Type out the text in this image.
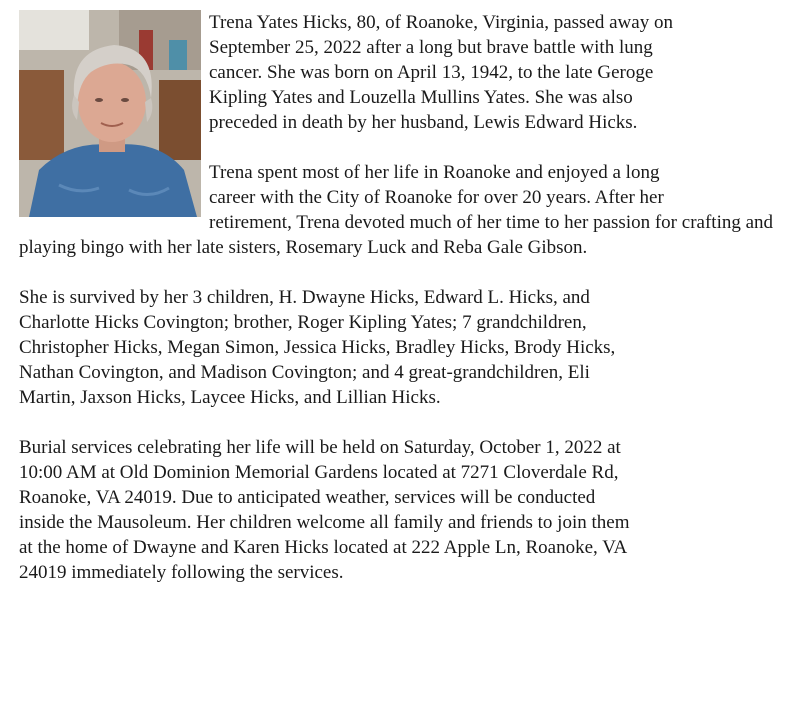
Trena Yates Hicks, 80, of Roanoke, Virginia, passed away on
September 25, 2022 after a long but brave battle with lung
cancer. She was born on April 13, 1942, to the late Geroge
Kipling Yates and Louzella Mullins Yates. She was also
preceded in death by her husband, Lewis Edward Hicks.

Trena spent most of her life in Roanoke and enjoyed a long
career with the City of Roanoke for over 20 years. After her
retirement, Trena devoted much of her time to her passion for crafting and
playing bingo with her late sisters, Rosemary Luck and Reba Gale Gibson.

She is survived by her 3 children, H. Dwayne Hicks, Edward L. Hicks, and
Charlotte Hicks Covington; brother, Roger Kipling Yates; 7 grandchildren,
Christopher Hicks, Megan Simon, Jessica Hicks, Bradley Hicks, Brody Hicks,
Nathan Covington, and Madison Covington; and 4 great-grandchildren, Eli
Martin, Jaxson Hicks, Laycee Hicks, and Lillian Hicks.

Burial services celebrating her life will be held on Saturday, October 1, 2022 at
10:00 AM at Old Dominion Memorial Gardens located at 7271 Cloverdale Rd,
Roanoke, VA 24019. Due to anticipated weather, services will be conducted
inside the Mausoleum. Her children welcome all family and friends to join them
at the home of Dwayne and Karen Hicks located at 222 Apple Ln, Roanoke, VA
24019 immediately following the services.
